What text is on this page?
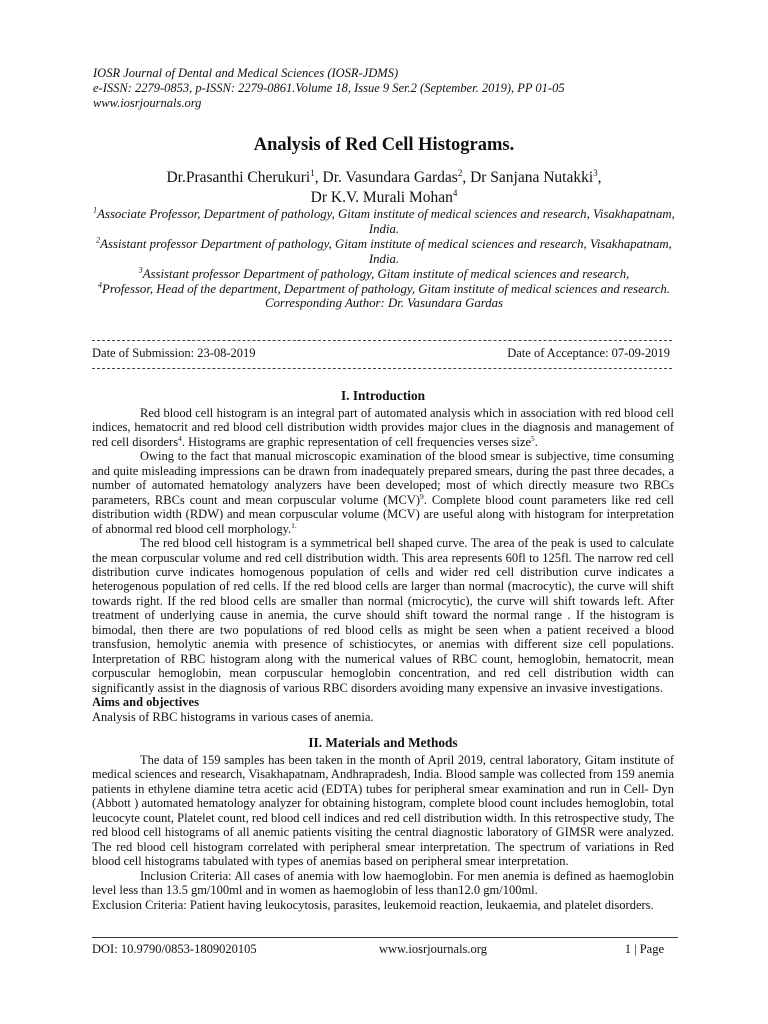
IOSR Journal of Dental and Medical Sciences (IOSR-JDMS)
e-ISSN: 2279-0853, p-ISSN: 2279-0861.Volume 18, Issue 9 Ser.2 (September. 2019), PP 01-05
www.iosrjournals.org
Analysis of Red Cell Histograms.
Dr.Prasanthi Cherukuri$^1$, Dr. Vasundara Gardas$^2$, Dr Sanjana Nutakki$^3$,
Dr K.V. Murali Mohan$^4$
$^1$Associate Professor, Department of pathology, Gitam institute of medical sciences and research, Visakhapatnam, India.
$^2$Assistant professor Department of pathology, Gitam institute of medical sciences and research, Visakhapatnam, India.
$^3$Assistant professor Department of pathology, Gitam institute of medical sciences and research,
$^4$Professor, Head of the department, Department of pathology, Gitam institute of medical sciences and research.
Corresponding Author: Dr. Vasundara Gardas
Date of Submission: 23-08-2019	Date of Acceptance: 07-09-2019
I. Introduction

Red blood cell histogram is an integral part of automated analysis which in association with red blood cell indices, hematocrit and red blood cell distribution width provides major clues in the diagnosis and management of red cell disorders$^4$. Histograms are graphic representation of cell frequencies verses size$^5$.

Owing to the fact that manual microscopic examination of the blood smear is subjective, time consuming and quite misleading impressions can be drawn from inadequately prepared smears, during the past three decades, a number of automated hematology analyzers have been developed; most of which directly measure two RBCs parameters, RBCs count and mean corpuscular volume (MCV)$^9$. Complete blood count parameters like red cell distribution width (RDW) and mean corpuscular volume (MCV) are useful along with histogram for interpretation of abnormal red blood cell morphology.$^{1.}$

The red blood cell histogram is a symmetrical bell shaped curve. The area of the peak is used to calculate the mean corpuscular volume and red cell distribution width. This area represents 60fl to 125fl. The narrow red cell distribution curve indicates homogenous population of cells and wider red cell distribution curve indicates a heterogenous population of red cells. If the red blood cells are larger than normal (macrocytic), the curve will shift towards right. If the red blood cells are smaller than normal (microcytic), the curve will shift towards left. After treatment of underlying cause in anemia, the curve should shift toward the normal range . If the histogram is bimodal, then there are two populations of red blood cells as might be seen when a patient received a blood transfusion, hemolytic anemia with presence of schistiocytes, or anemias with different size cell populations. Interpretation of RBC histogram along with the numerical values of RBC count, hemoglobin, hematocrit, mean corpuscular hemoglobin, mean corpuscular hemoglobin concentration, and red cell distribution width can significantly assist in the diagnosis of various RBC disorders avoiding many expensive an invasive investigations.

Aims and objectives

Analysis of RBC histograms in various cases of anemia.

II. Materials and Methods

The data of 159 samples has been taken in the month of April 2019, central laboratory, Gitam institute of medical sciences and research, Visakhapatnam, Andhrapradesh, India. Blood sample was collected from 159 anemia patients in ethylene diamine tetra acetic acid (EDTA) tubes for peripheral smear examination and run in Cell- Dyn (Abbott ) automated hematology analyzer for obtaining histogram, complete blood count includes hemoglobin, total leucocyte count, Platelet count, red blood cell indices and red cell distribution width. In this retrospective study, The red blood cell histograms of all anemic patients visiting the central diagnostic laboratory of GIMSR were analyzed. The red blood cell histogram correlated with peripheral smear interpretation. The spectrum of variations in Red blood cell histograms tabulated with types of anemias based on peripheral smear interpretation.

Inclusion Criteria: All cases of anemia with low haemoglobin. For men anemia is defined as haemoglobin level less than 13.5 gm/100ml and in women as haemoglobin of less than12.0 gm/100ml.

Exclusion Criteria: Patient having leukocytosis, parasites, leukemoid reaction, leukaemia, and platelet disorders.

DOI: 10.9790/0853-1809020105	www.iosrjournals.org	1 | Page
